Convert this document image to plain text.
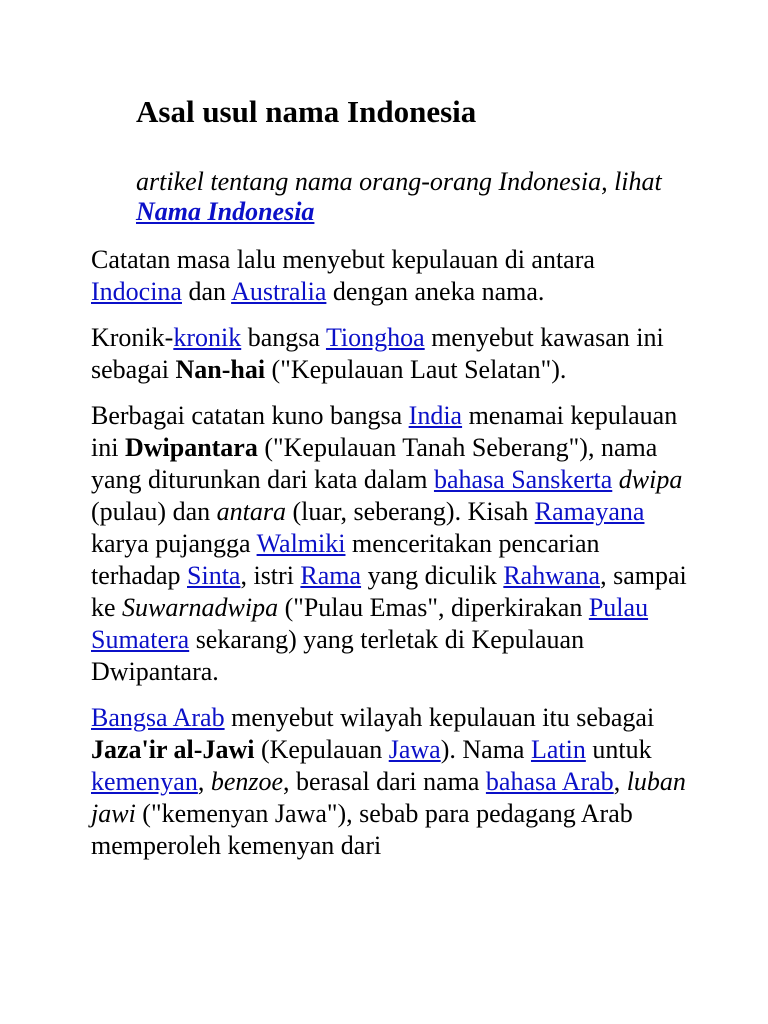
Asal usul nama Indonesia

artikel tentang nama orang-orang Indonesia, lihat Nama Indonesia

Catatan masa lalu menyebut kepulauan di antara Indocina dan Australia dengan aneka nama.

Kronik-kronik bangsa Tionghoa menyebut kawasan ini sebagai Nan-hai ("Kepulauan Laut Selatan").

Berbagai catatan kuno bangsa India menamai kepulauan ini Dwipantara ("Kepulauan Tanah Seberang"), nama yang diturunkan dari kata dalam bahasa Sanskerta dwipa (pulau) dan antara (luar, seberang). Kisah Ramayana karya pujangga Walmiki menceritakan pencarian terhadap Sinta, istri Rama yang diculik Rahwana, sampai ke Suwarnadwipa ("Pulau Emas", diperkirakan Pulau Sumatera sekarang) yang terletak di Kepulauan Dwipantara.

Bangsa Arab menyebut wilayah kepulauan itu sebagai Jaza'ir al-Jawi (Kepulauan Jawa). Nama Latin untuk kemenyan, benzoe, berasal dari nama bahasa Arab, luban jawi ("kemenyan Jawa"), sebab para pedagang Arab memperoleh kemenyan dari
